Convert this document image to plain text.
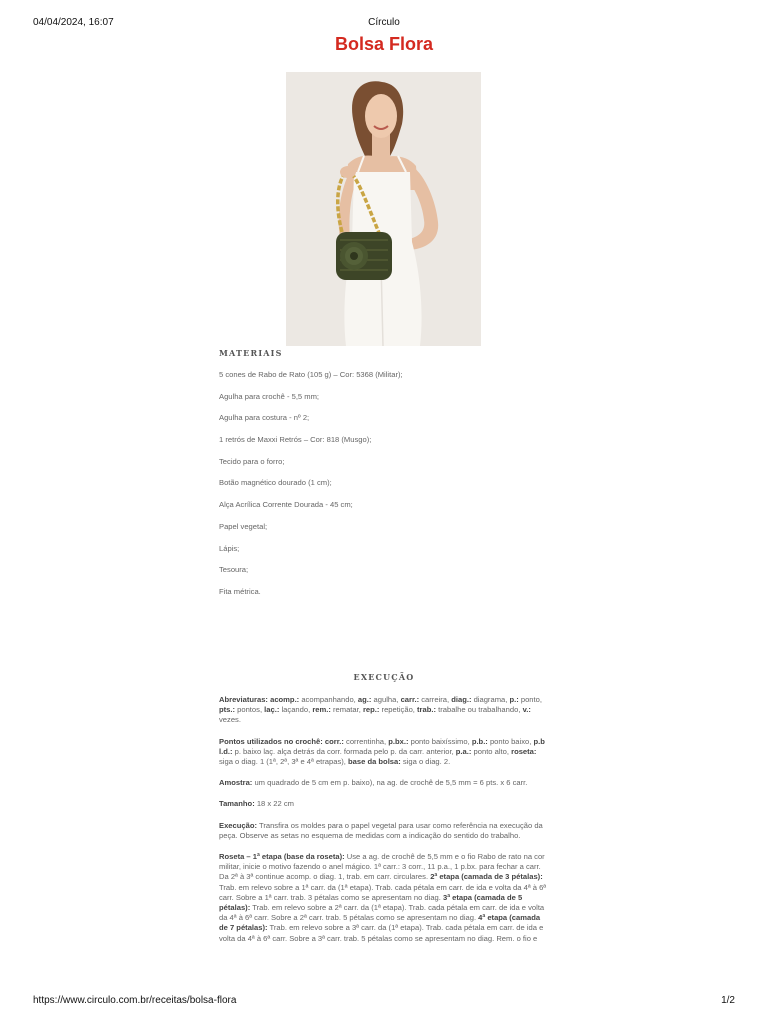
04/04/2024, 16:07	Círculo
Bolsa Flora
MATERIAIS
5 cones de Rabo de Rato (105 g) – Cor: 5368 (Militar);
Agulha para crochê - 5,5 mm;
Agulha para costura - nº 2;
1 retrós de Maxxi Retrós – Cor: 818 (Musgo);
Tecido para o forro;
Botão magnético dourado (1 cm);
Alça Acrílica Corrente Dourada - 45 cm;
Papel vegetal;
Lápis;
Tesoura;
Fita métrica.
EXECUÇÃO

Abreviaturas: acomp.: acompanhando, ag.: agulha, carr.: carreira, diag.: diagrama, p.: ponto, pts.: pontos, laç.: laçando, rem.: rematar, rep.: repetição, trab.: trabalhe ou trabalhando, v.: vezes.

Pontos utilizados no crochê: corr.: correntinha, p.bx.: ponto baixíssimo, p.b.: ponto baixo, p.b l.d.: p. baixo laç. alça detrás da corr. formada pelo p. da carr. anterior, p.a.: ponto alto, roseta: siga o diag. 1 (1ª, 2ª, 3ª e 4ª etrapas), base da bolsa: siga o diag. 2.

Amostra: um quadrado de 5 cm em p. baixo), na ag. de crochê de 5,5 mm = 6 pts. x 6 carr.

Tamanho: 18 x 22 cm

Execução: Transfira os moldes para o papel vegetal para usar como referência na execução da peça. Observe as setas no esquema de medidas com a indicação do sentido do trabalho.

Roseta – 1ª etapa (base da roseta): Use a ag. de crochê de 5,5 mm e o fio Rabo de rato na cor militar, inicie o motivo fazendo o anel mágico. 1ª carr.: 3 corr., 11 p.a., 1 p.bx. para fechar a carr. Da 2ª à 3ª continue acomp. o diag. 1, trab. em carr. circulares. 2ª etapa (camada de 3 pétalas): Trab. em relevo sobre a 1ª carr. da (1ª etapa). Trab. cada pétala em carr. de ida e volta da 4ª à 6ª carr. Sobre a 1ª carr. trab. 3 pétalas como se apresentam no diag. 3ª etapa (camada de 5 pétalas): Trab. em relevo sobre a 2ª carr. da (1ª etapa). Trab. cada pétala em carr. de ida e volta da 4ª à 6ª carr. Sobre a 2ª carr. trab. 5 pétalas como se apresentam no diag. 4ª etapa (camada de 7 pétalas): Trab. em relevo sobre a 3ª carr. da (1ª etapa). Trab. cada pétala em carr. de ida e volta da 4ª à 6ª carr. Sobre a 3ª carr. trab. 5 pétalas como se apresentam no diag. Rem. o fio e

https://www.circulo.com.br/receitas/bolsa-flora	1/2
